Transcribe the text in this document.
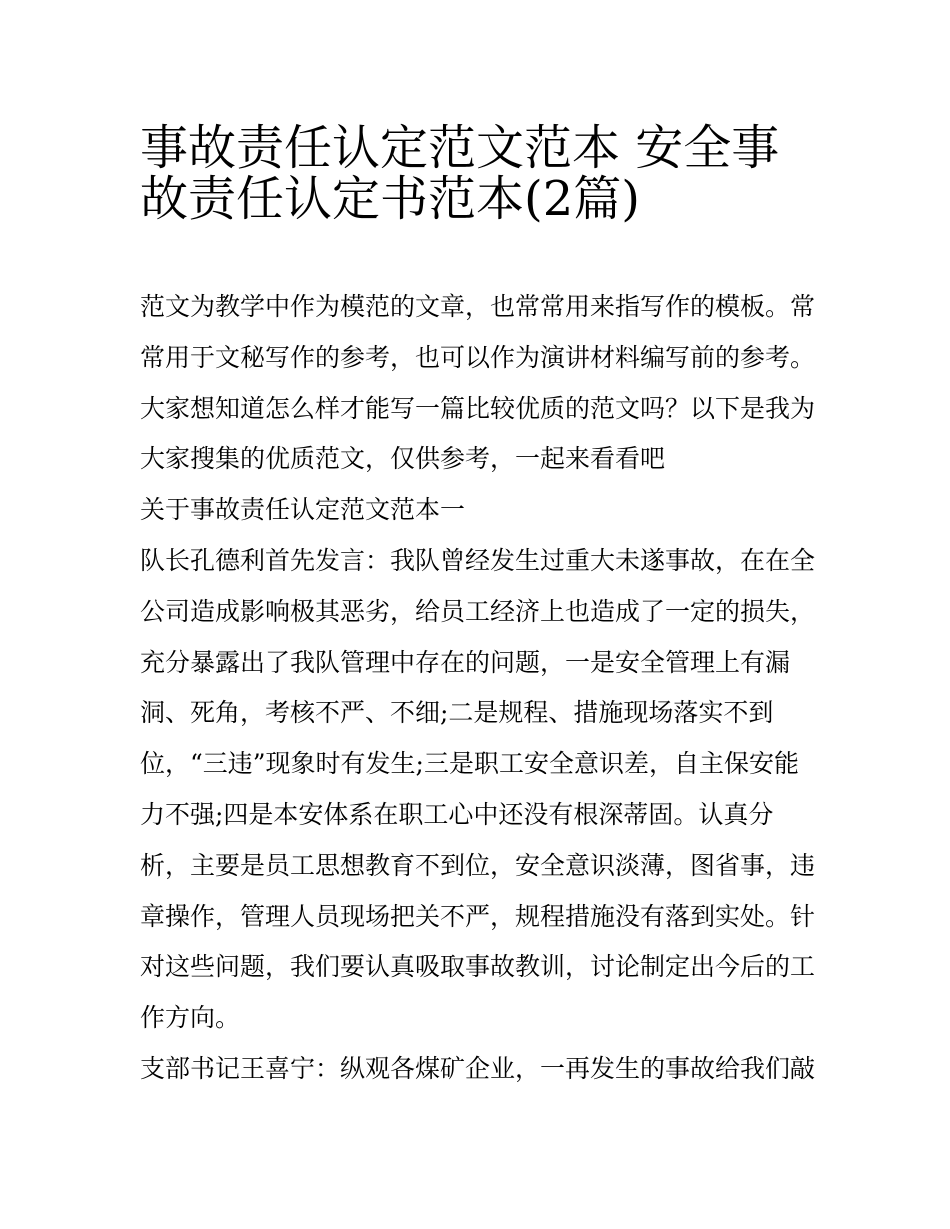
事故责任认定范文范本 安全事
故责任认定书范本(2篇)
范文为教学中作为模范的文章，也常常用来指写作的模板。常
常用于文秘写作的参考，也可以作为演讲材料编写前的参考。
大家想知道怎么样才能写一篇比较优质的范文吗？以下是我为
大家搜集的优质范文，仅供参考，一起来看看吧
关于事故责任认定范文范本一
队长孔德利首先发言：我队曾经发生过重大未遂事故，在在全
公司造成影响极其恶劣，给员工经济上也造成了一定的损失，
充分暴露出了我队管理中存在的问题，一是安全管理上有漏
洞、死角，考核不严、不细;二是规程、措施现场落实不到
位，“三违”现象时有发生;三是职工安全意识差，自主保安能
力不强;四是本安体系在职工心中还没有根深蒂固。认真分
析，主要是员工思想教育不到位，安全意识淡薄，图省事，违
章操作，管理人员现场把关不严，规程措施没有落到实处。针
对这些问题，我们要认真吸取事故教训，讨论制定出今后的工
作方向。
支部书记王喜宁：纵观各煤矿企业，一再发生的事故给我们敲
